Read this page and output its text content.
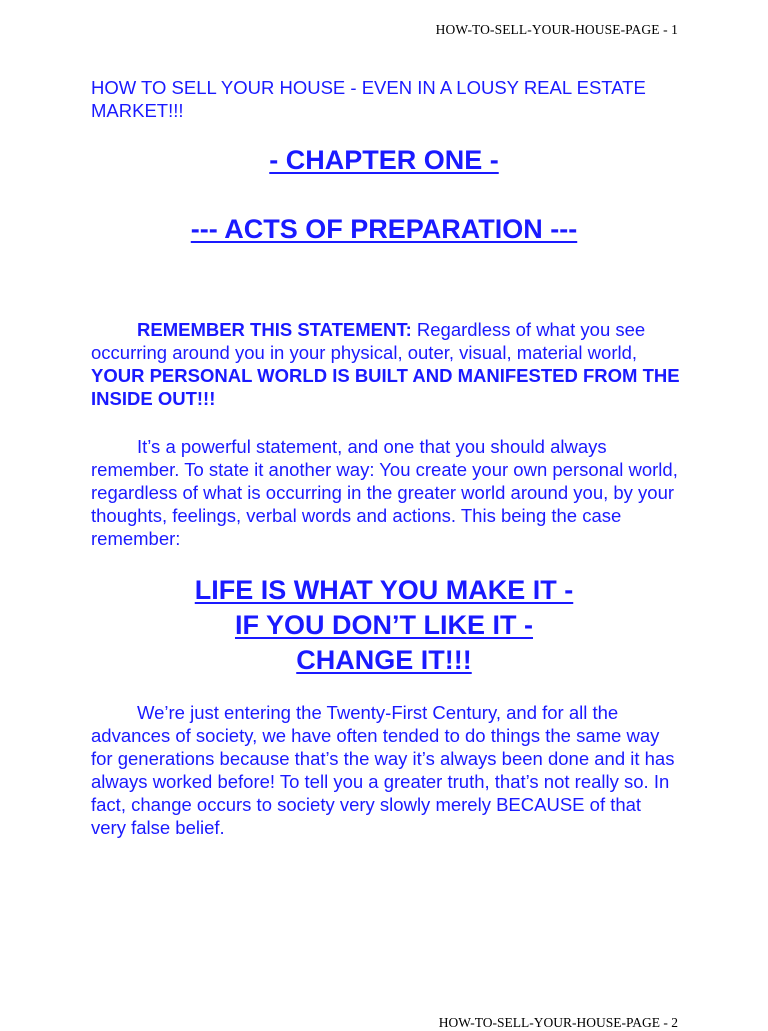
HOW-TO-SELL-YOUR-HOUSE-PAGE - 1
HOW TO SELL YOUR HOUSE - EVEN IN A LOUSY REAL ESTATE MARKET!!!
- CHAPTER ONE -
--- ACTS OF PREPARATION ---

REMEMBER THIS STATEMENT: Regardless of what you see occurring around you in your physical, outer, visual, material world, YOUR PERSONAL WORLD IS BUILT AND MANIFESTED FROM THE INSIDE OUT!!!

It’s a powerful statement, and one that you should always remember. To state it another way: You create your own personal world, regardless of what is occurring in the greater world around you, by your thoughts, feelings, verbal words and actions. This being the case remember:

LIFE IS WHAT YOU MAKE IT -
IF YOU DON’T LIKE IT -
CHANGE IT!!!

We’re just entering the Twenty-First Century, and for all the advances of society, we have often tended to do things the same way for generations because that’s the way it’s always been done and it has always worked before! To tell you a greater truth, that’s not really so. In fact, change occurs to society very slowly merely BECAUSE of that very false belief.

HOW-TO-SELL-YOUR-HOUSE-PAGE - 2
